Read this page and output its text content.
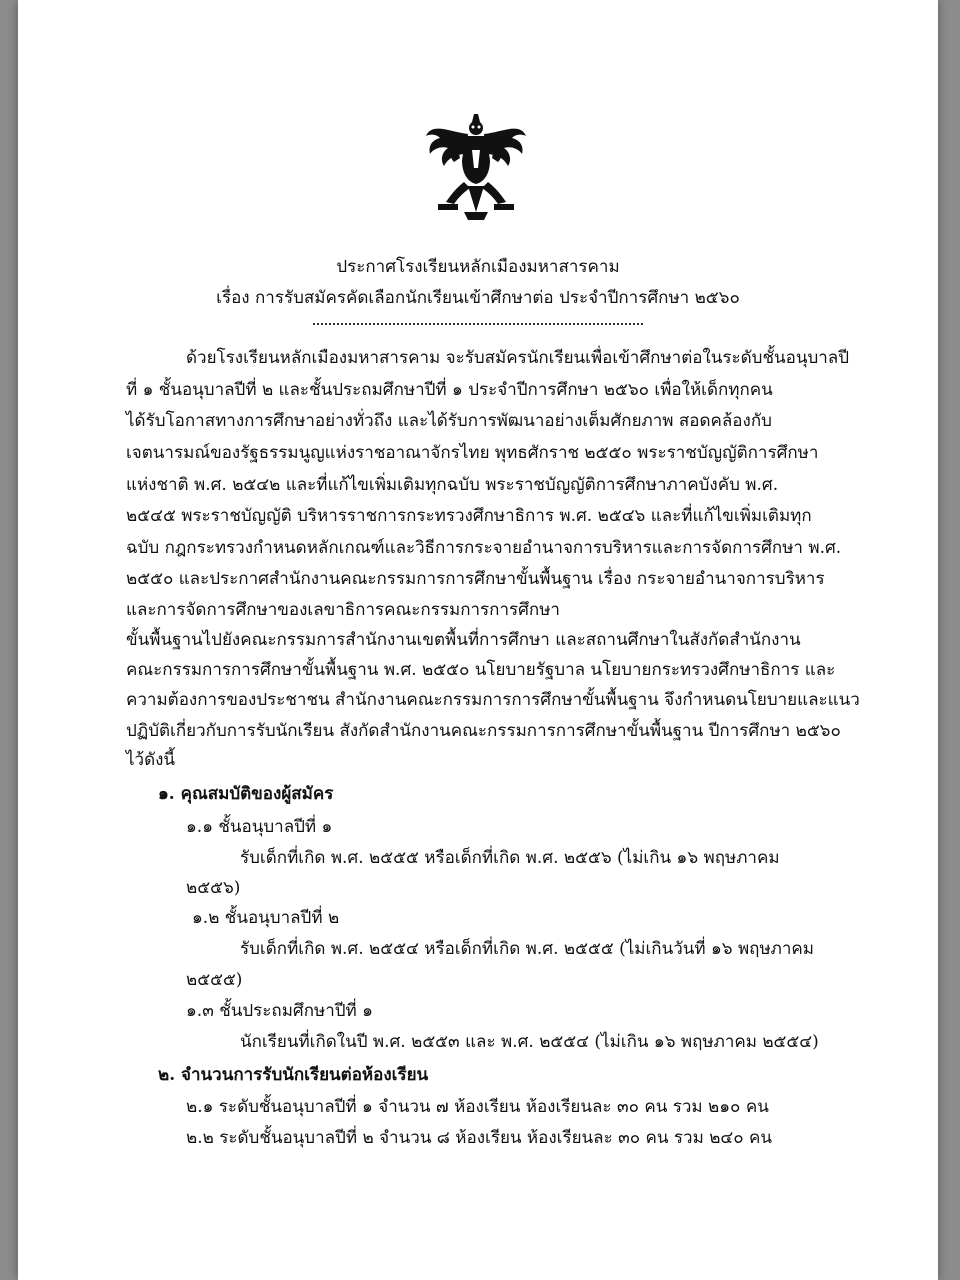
ประกาศโรงเรียนหลักเมืองมหาสารคาม
เรื่อง การรับสมัครคัดเลือกนักเรียนเข้าศึกษาต่อ ประจำปีการศึกษา ๒๕๖๐
ด้วยโรงเรียนหลักเมืองมหาสารคาม จะรับสมัครนักเรียนเพื่อเข้าศึกษาต่อในระดับชั้นอนุบาลปี
ที่ ๑ ชั้นอนุบาลปีที่ ๒ และชั้นประถมศึกษาปีที่ ๑ ประจำปีการศึกษา ๒๕๖๐ เพื่อให้เด็กทุกคน
ได้รับโอกาสทางการศึกษาอย่างทั่วถึง และได้รับการพัฒนาอย่างเต็มศักยภาพ สอดคล้องกับ
เจตนารมณ์ของรัฐธรรมนูญแห่งราชอาณาจักรไทย พุทธศักราช ๒๕๕๐ พระราชบัญญัติการศึกษา
แห่งชาติ พ.ศ. ๒๕๔๒ และที่แก้ไขเพิ่มเติมทุกฉบับ พระราชบัญญัติการศึกษาภาคบังคับ พ.ศ.
๒๕๔๕ พระราชบัญญัติ บริหารราชการกระทรวงศึกษาธิการ พ.ศ. ๒๕๔๖ และที่แก้ไขเพิ่มเติมทุก
ฉบับ กฎกระทรวงกำหนดหลักเกณฑ์และวิธีการกระจายอำนาจการบริหารและการจัดการศึกษา พ.ศ.
๒๕๕๐ และประกาศสำนักงานคณะกรรมการการศึกษาขั้นพื้นฐาน เรื่อง กระจายอำนาจการบริหาร
และการจัดการศึกษาของเลขาธิการคณะกรรมการการศึกษา
ขั้นพื้นฐานไปยังคณะกรรมการสำนักงานเขตพื้นที่การศึกษา และสถานศึกษาในสังกัดสำนักงาน
คณะกรรมการการศึกษาขั้นพื้นฐาน พ.ศ. ๒๕๕๐ นโยบายรัฐบาล นโยบายกระทรวงศึกษาธิการ และ
ความต้องการของประชาชน สำนักงานคณะกรรมการการศึกษาขั้นพื้นฐาน จึงกำหนดนโยบายและแนว
ปฏิบัติเกี่ยวกับการรับนักเรียน สังกัดสำนักงานคณะกรรมการการศึกษาขั้นพื้นฐาน ปีการศึกษา ๒๕๖๐
ไว้ดังนี้
๑. คุณสมบัติของผู้สมัคร
๑.๑ ชั้นอนุบาลปีที่ ๑
รับเด็กที่เกิด พ.ศ. ๒๕๕๕ หรือเด็กที่เกิด พ.ศ. ๒๕๕๖ (ไม่เกิน ๑๖ พฤษภาคม
๒๕๕๖)
๑.๒ ชั้นอนุบาลปีที่ ๒
รับเด็กที่เกิด พ.ศ. ๒๕๕๔ หรือเด็กที่เกิด พ.ศ. ๒๕๕๕ (ไม่เกินวันที่ ๑๖ พฤษภาคม
๒๕๕๕)
๑.๓ ชั้นประถมศึกษาปีที่ ๑
นักเรียนที่เกิดในปี พ.ศ. ๒๕๕๓ และ พ.ศ. ๒๕๕๔ (ไม่เกิน ๑๖ พฤษภาคม ๒๕๕๔)
๒. จำนวนการรับนักเรียนต่อห้องเรียน
๒.๑ ระดับชั้นอนุบาลปีที่ ๑ จำนวน ๗ ห้องเรียน ห้องเรียนละ ๓๐ คน รวม ๒๑๐ คน
๒.๒ ระดับชั้นอนุบาลปีที่ ๒ จำนวน ๘ ห้องเรียน ห้องเรียนละ ๓๐ คน รวม ๒๔๐ คน
